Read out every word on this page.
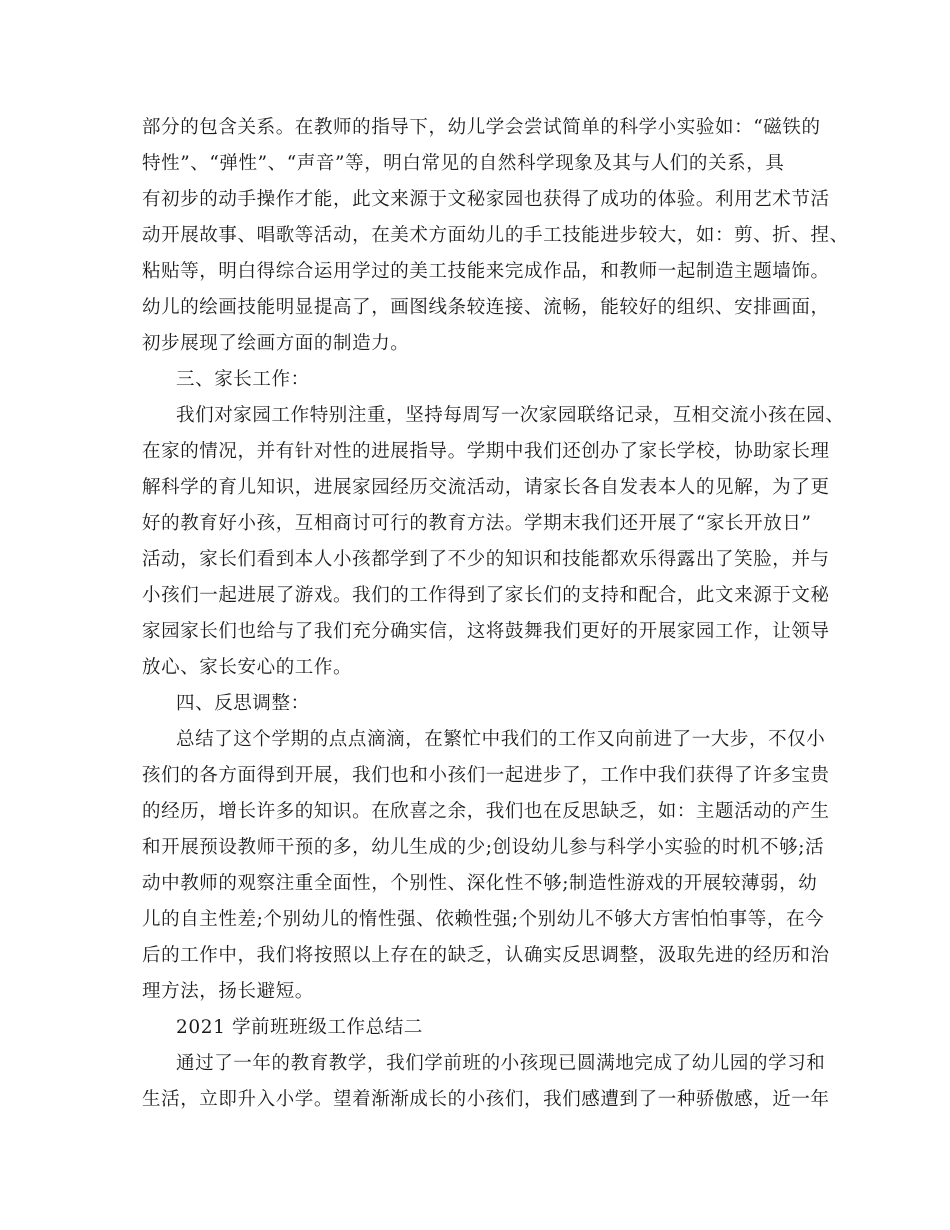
部分的包含关系。在教师的指导下，幼儿学会尝试简单的科学小实验如：“磁铁的
特性”、“弹性”、“声音”等，明白常见的自然科学现象及其与人们的关系，具
有初步的动手操作才能，此文来源于文秘家园也获得了成功的体验。利用艺术节活
动开展故事、唱歌等活动，在美术方面幼儿的手工技能进步较大，如：剪、折、捏、
粘贴等，明白得综合运用学过的美工技能来完成作品，和教师一起制造主题墙饰。
幼儿的绘画技能明显提高了，画图线条较连接、流畅，能较好的组织、安排画面，
初步展现了绘画方面的制造力。
三、家长工作：
我们对家园工作特别注重，坚持每周写一次家园联络记录，互相交流小孩在园、
在家的情况，并有针对性的进展指导。学期中我们还创办了家长学校，协助家长理
解科学的育儿知识，进展家园经历交流活动，请家长各自发表本人的见解，为了更
好的教育好小孩，互相商讨可行的教育方法。学期末我们还开展了“家长开放日”
活动，家长们看到本人小孩都学到了不少的知识和技能都欢乐得露出了笑脸，并与
小孩们一起进展了游戏。我们的工作得到了家长们的支持和配合，此文来源于文秘
家园家长们也给与了我们充分确实信，这将鼓舞我们更好的开展家园工作，让领导
放心、家长安心的工作。
四、反思调整：
总结了这个学期的点点滴滴，在繁忙中我们的工作又向前进了一大步，不仅小
孩们的各方面得到开展，我们也和小孩们一起进步了，工作中我们获得了许多宝贵
的经历，增长许多的知识。在欣喜之余，我们也在反思缺乏，如：主题活动的产生
和开展预设教师干预的多，幼儿生成的少;创设幼儿参与科学小实验的时机不够;活
动中教师的观察注重全面性，个别性、深化性不够;制造性游戏的开展较薄弱，幼
儿的自主性差;个别幼儿的惰性强、依赖性强;个别幼儿不够大方害怕怕事等，在今
后的工作中，我们将按照以上存在的缺乏，认确实反思调整，汲取先进的经历和治
理方法，扬长避短。
2021 学前班班级工作总结二
通过了一年的教育教学，我们学前班的小孩现已圆满地完成了幼儿园的学习和
生活，立即升入小学。望着渐渐成长的小孩们，我们感遭到了一种骄傲感，近一年
